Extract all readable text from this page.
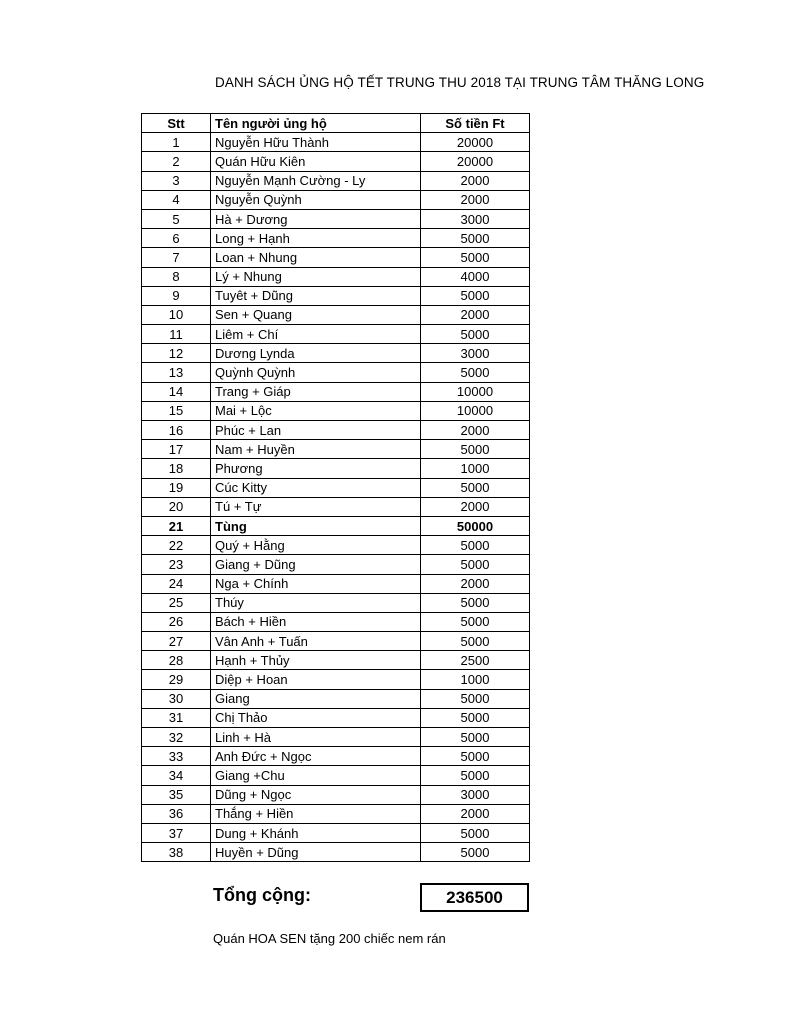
DANH SÁCH ỦNG HỘ TẾT TRUNG THU 2018 TẠI TRUNG TÂM THĂNG LONG
Stt	Tên người ủng hộ	Số tiền Ft
1	Nguyễn Hữu Thành	20000
2	Quán Hữu Kiên	20000
3	Nguyễn Mạnh Cường - Ly	2000
4	Nguyễn Quỳnh	2000
5	Hà + Dương	3000
6	Long + Hạnh	5000
7	Loan + Nhung	5000
8	Lý + Nhung	4000
9	Tuyêt + Dũng	5000
10	Sen + Quang	2000
11	Liêm + Chí	5000
12	Dương Lynda	3000
13	Quỳnh Quỳnh	5000
14	Trang + Giáp	10000
15	Mai + Lộc	10000
16	Phúc + Lan	2000
17	Nam + Huyền	5000
18	Phương	1000
19	Cúc Kitty	5000
20	Tú + Tự	2000
21	Tùng	50000
22	Quý + Hằng	5000
23	Giang + Dũng	5000
24	Nga + Chính	2000
25	Thúy	5000
26	Bách + Hiền	5000
27	Vân Anh + Tuấn	5000
28	Hạnh + Thủy	2500
29	Diệp + Hoan	1000
30	Giang	5000
31	Chị Thảo	5000
32	Linh + Hà	5000
33	Anh Đức + Ngọc	5000
34	Giang +Chu	5000
35	Dũng + Ngọc	3000
36	Thắng + Hiền	2000
37	Dung + Khánh	5000
38	Huyền + Dũng	5000
Tổng cộng:	236500
Quán HOA SEN tặng 200 chiếc nem rán
